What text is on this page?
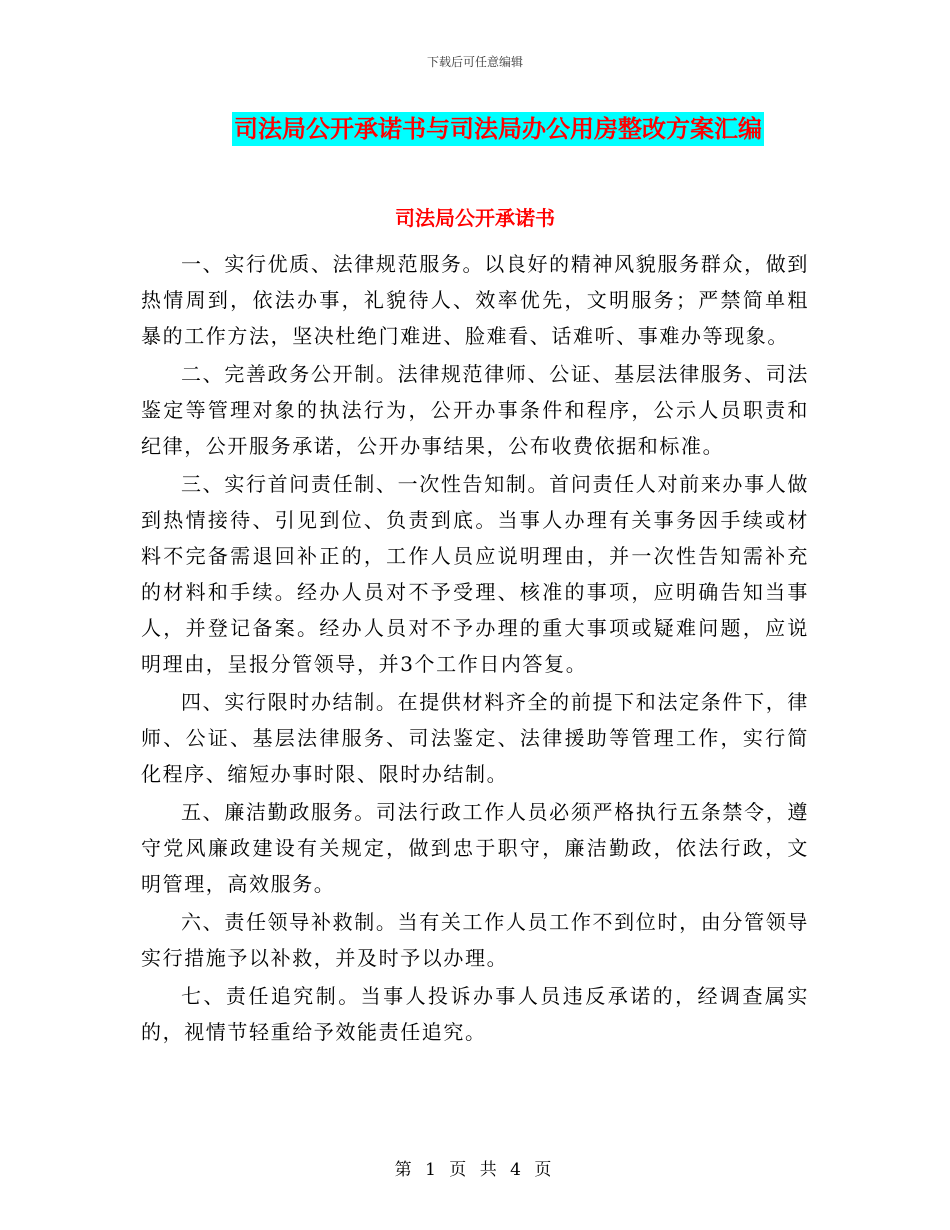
下载后可任意编辑
司法局公开承诺书与司法局办公用房整改方案汇编
司法局公开承诺书

一、实行优质、法律规范服务。以良好的精神风貌服务群众，做到热情周到，依法办事，礼貌待人、效率优先，文明服务；严禁简单粗暴的工作方法，坚决杜绝门难进、脸难看、话难听、事难办等现象。

二、完善政务公开制。法律规范律师、公证、基层法律服务、司法鉴定等管理对象的执法行为，公开办事条件和程序，公示人员职责和纪律，公开服务承诺，公开办事结果，公布收费依据和标准。

三、实行首问责任制、一次性告知制。首问责任人对前来办事人做到热情接待、引见到位、负责到底。当事人办理有关事务因手续或材料不完备需退回补正的，工作人员应说明理由，并一次性告知需补充的材料和手续。经办人员对不予受理、核准的事项，应明确告知当事人，并登记备案。经办人员对不予办理的重大事项或疑难问题，应说明理由，呈报分管领导，并3个工作日内答复。

四、实行限时办结制。在提供材料齐全的前提下和法定条件下，律师、公证、基层法律服务、司法鉴定、法律援助等管理工作，实行简化程序、缩短办事时限、限时办结制。

五、廉洁勤政服务。司法行政工作人员必须严格执行五条禁令，遵守党风廉政建设有关规定，做到忠于职守，廉洁勤政，依法行政，文明管理，高效服务。

六、责任领导补救制。当有关工作人员工作不到位时，由分管领导实行措施予以补救，并及时予以办理。

七、责任追究制。当事人投诉办事人员违反承诺的，经调查属实的，视情节轻重给予效能责任追究。

第 1 页 共 4 页
